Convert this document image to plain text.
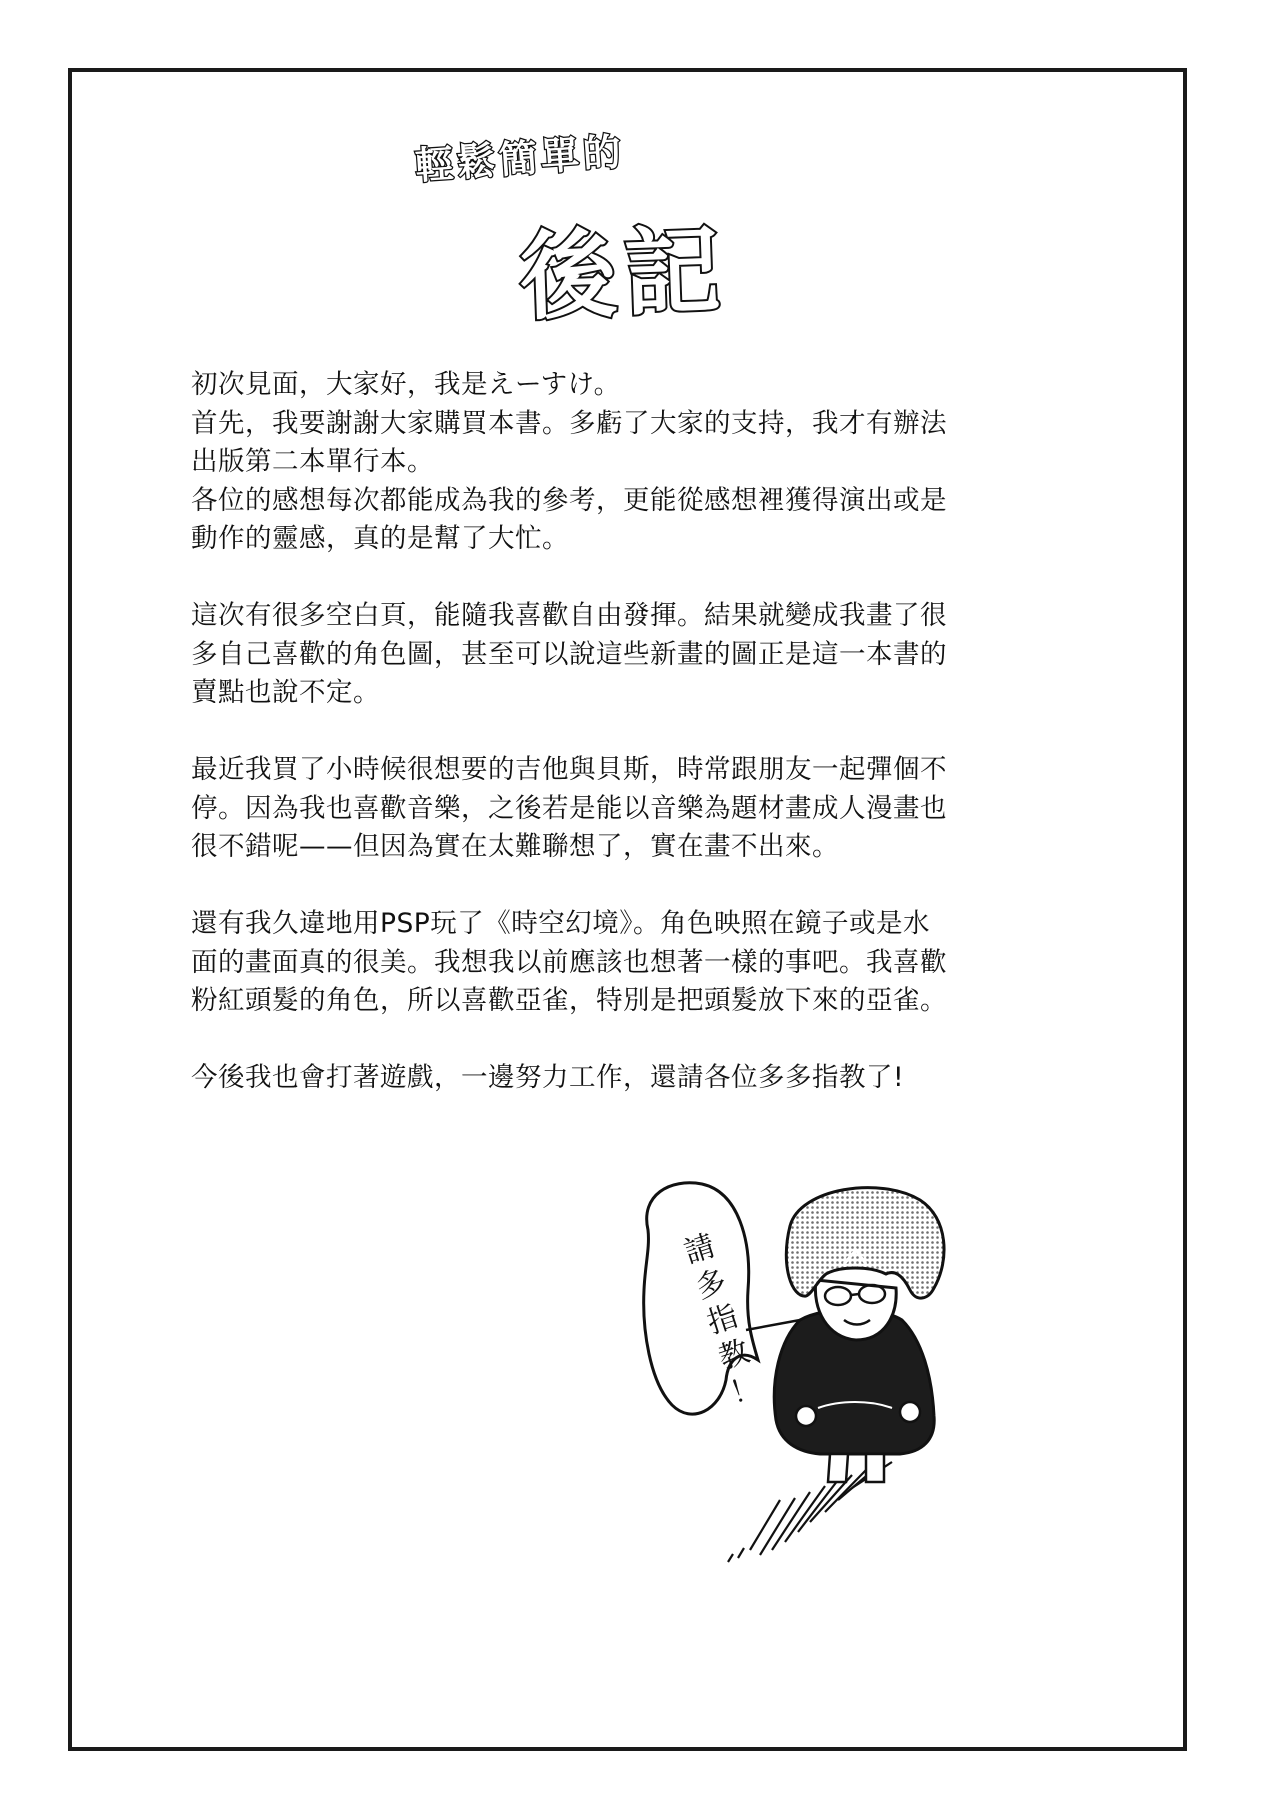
輕鬆簡單的
後記

初次見面，大家好，我是えーすけ。
首先，我要謝謝大家購買本書。多虧了大家的支持，我才有辦法
出版第二本單行本。
各位的感想每次都能成為我的參考，更能從感想裡獲得演出或是
動作的靈感，真的是幫了大忙。

這次有很多空白頁，能隨我喜歡自由發揮。結果就變成我畫了很
多自己喜歡的角色圖，甚至可以說這些新畫的圖正是這一本書的
賣點也說不定。

最近我買了小時候很想要的吉他與貝斯，時常跟朋友一起彈個不
停。因為我也喜歡音樂，之後若是能以音樂為題材畫成人漫畫也
很不錯呢——但因為實在太難聯想了，實在畫不出來。

還有我久違地用PSP玩了《時空幻境》。角色映照在鏡子或是水
面的畫面真的很美。我想我以前應該也想著一樣的事吧。我喜歡
粉紅頭髮的角色，所以喜歡亞雀，特別是把頭髮放下來的亞雀。

今後我也會打著遊戲，一邊努力工作，還請各位多多指教了!

請
多
指
教
！
